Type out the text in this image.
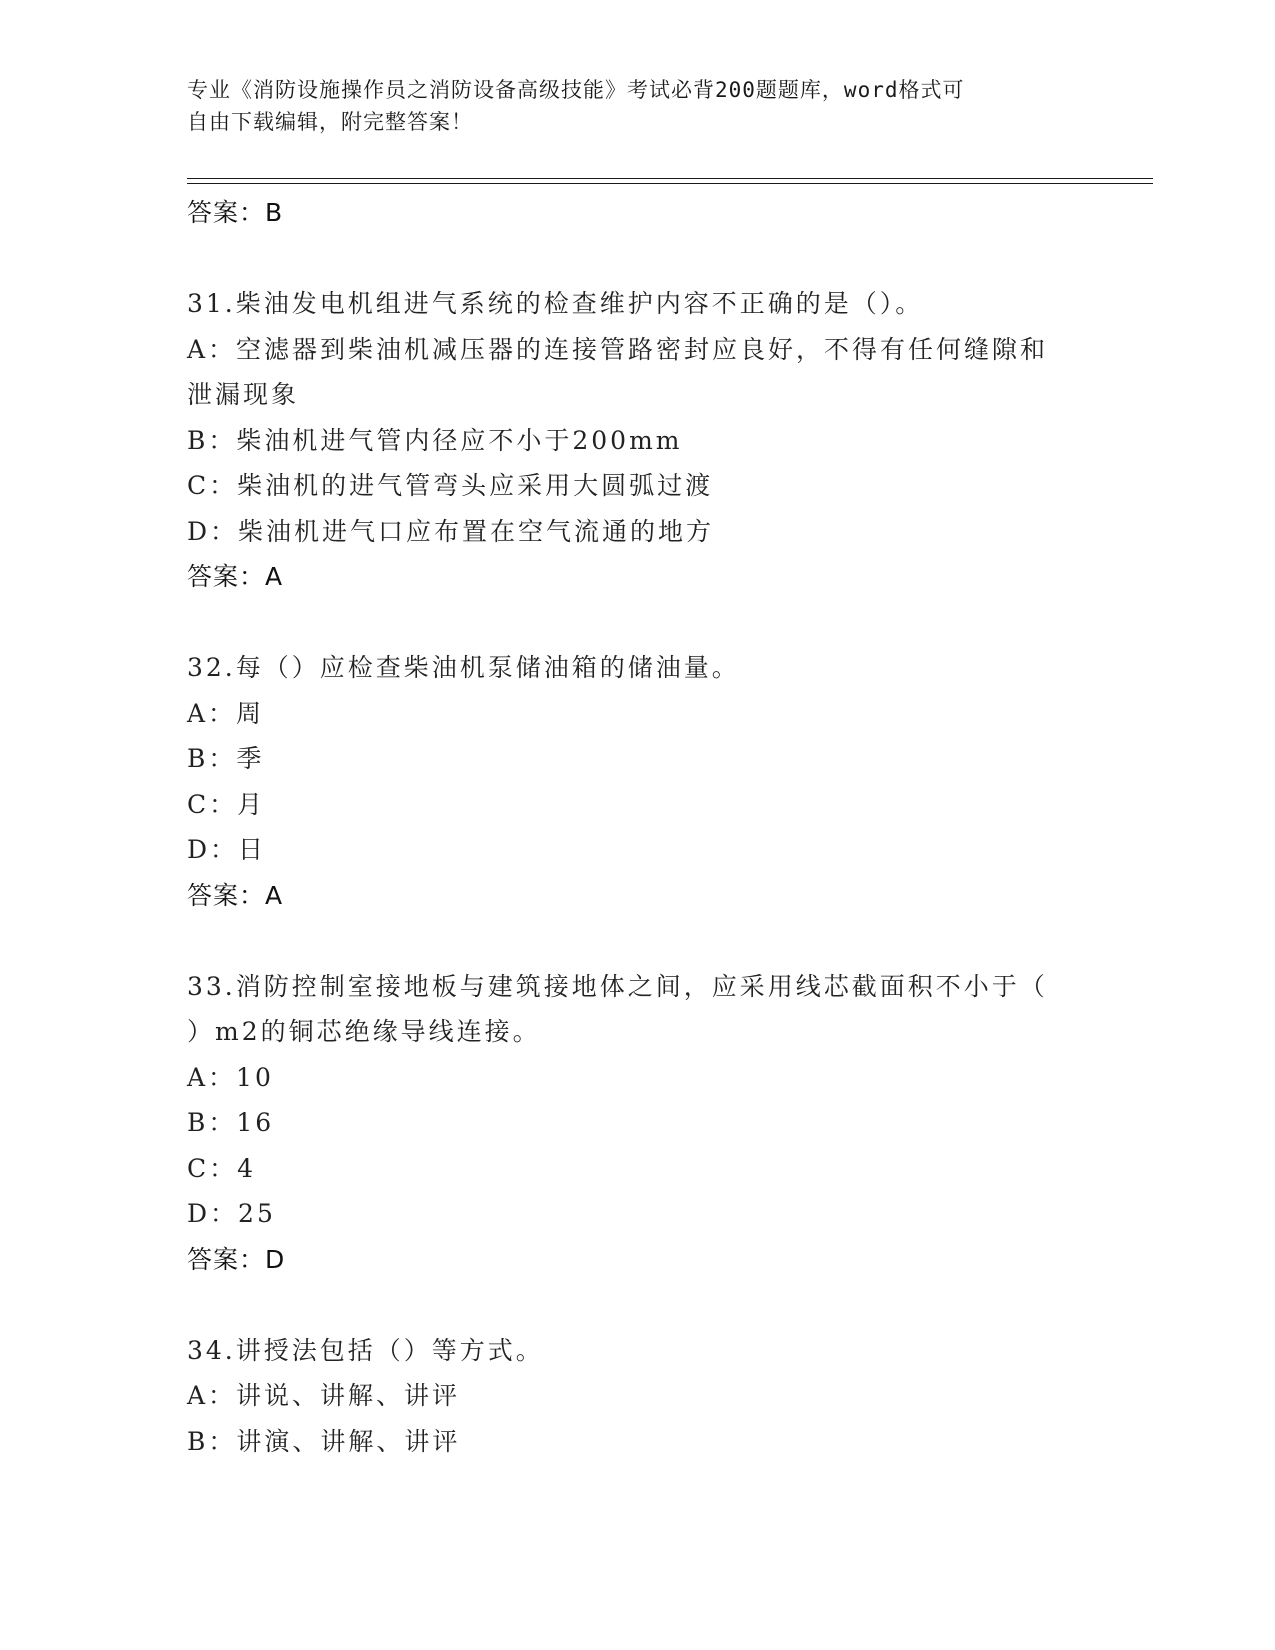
专业《消防设施操作员之消防设备高级技能》考试必背200题题库，word格式可
自由下载编辑，附完整答案！
答案：B
31.柴油发电机组进气系统的检查维护内容不正确的是（）。
A：空滤器到柴油机减压器的连接管路密封应良好，不得有任何缝隙和
泄漏现象
B：柴油机进气管内径应不小于200mm
C：柴油机的进气管弯头应采用大圆弧过渡
D：柴油机进气口应布置在空气流通的地方
答案：A
32.每（）应检查柴油机泵储油箱的储油量。
A：周
B：季
C：月
D：日
答案：A
33.消防控制室接地板与建筑接地体之间，应采用线芯截面积不小于（
）m2的铜芯绝缘导线连接。
A：10
B：16
C：4
D：25
答案：D
34.讲授法包括（）等方式。
A：讲说、讲解、讲评
B：讲演、讲解、讲评
